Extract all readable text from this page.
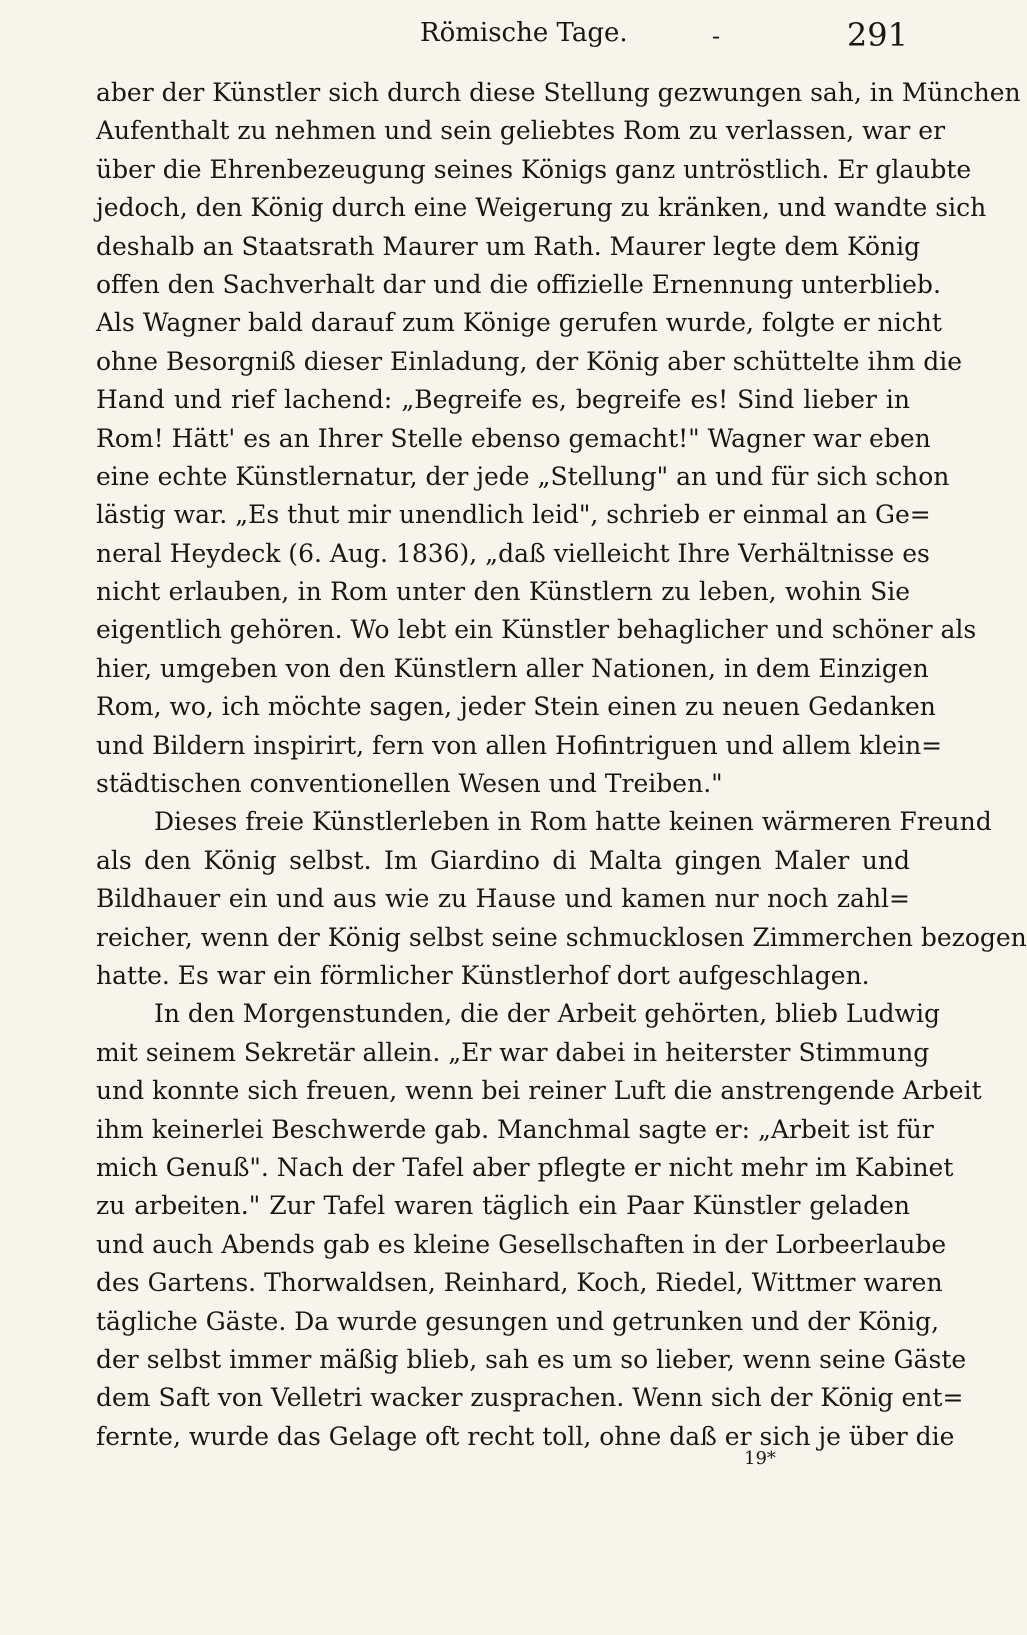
Römische Tage.	-	291
aber der Künstler sich durch diese Stellung gezwungen sah, in München
Aufenthalt zu nehmen und sein geliebtes Rom zu verlassen, war er
über die Ehrenbezeugung seines Königs ganz untröstlich. Er glaubte
jedoch, den König durch eine Weigerung zu kränken, und wandte sich
deshalb an Staatsrath Maurer um Rath. Maurer legte dem König
offen den Sachverhalt dar und die offizielle Ernennung unterblieb.
Als Wagner bald darauf zum Könige gerufen wurde, folgte er nicht
ohne Besorgniß dieser Einladung, der König aber schüttelte ihm die
Hand und rief lachend: „Begreife es, begreife es! Sind lieber in
Rom! Hätt' es an Ihrer Stelle ebenso gemacht!" Wagner war eben
eine echte Künstlernatur, der jede „Stellung" an und für sich schon
lästig war. „Es thut mir unendlich leid", schrieb er einmal an Ge=
neral Heydeck (6. Aug. 1836), „daß vielleicht Ihre Verhältnisse es
nicht erlauben, in Rom unter den Künstlern zu leben, wohin Sie
eigentlich gehören. Wo lebt ein Künstler behaglicher und schöner als
hier, umgeben von den Künstlern aller Nationen, in dem Einzigen
Rom, wo, ich möchte sagen, jeder Stein einen zu neuen Gedanken
und Bildern inspirirt, fern von allen Hofintriguen und allem klein=
städtischen conventionellen Wesen und Treiben."
Dieses freie Künstlerleben in Rom hatte keinen wärmeren Freund
als den König selbst. Im Giardino di Malta gingen Maler und
Bildhauer ein und aus wie zu Hause und kamen nur noch zahl=
reicher, wenn der König selbst seine schmucklosen Zimmerchen bezogen
hatte. Es war ein förmlicher Künstlerhof dort aufgeschlagen.
In den Morgenstunden, die der Arbeit gehörten, blieb Ludwig
mit seinem Sekretär allein. „Er war dabei in heiterster Stimmung
und konnte sich freuen, wenn bei reiner Luft die anstrengende Arbeit
ihm keinerlei Beschwerde gab. Manchmal sagte er: „Arbeit ist für
mich Genuß". Nach der Tafel aber pflegte er nicht mehr im Kabinet
zu arbeiten." Zur Tafel waren täglich ein Paar Künstler geladen
und auch Abends gab es kleine Gesellschaften in der Lorbeerlaube
des Gartens. Thorwaldsen, Reinhard, Koch, Riedel, Wittmer waren
tägliche Gäste. Da wurde gesungen und getrunken und der König,
der selbst immer mäßig blieb, sah es um so lieber, wenn seine Gäste
dem Saft von Velletri wacker zusprachen. Wenn sich der König ent=
fernte, wurde das Gelage oft recht toll, ohne daß er sich je über die
19*
